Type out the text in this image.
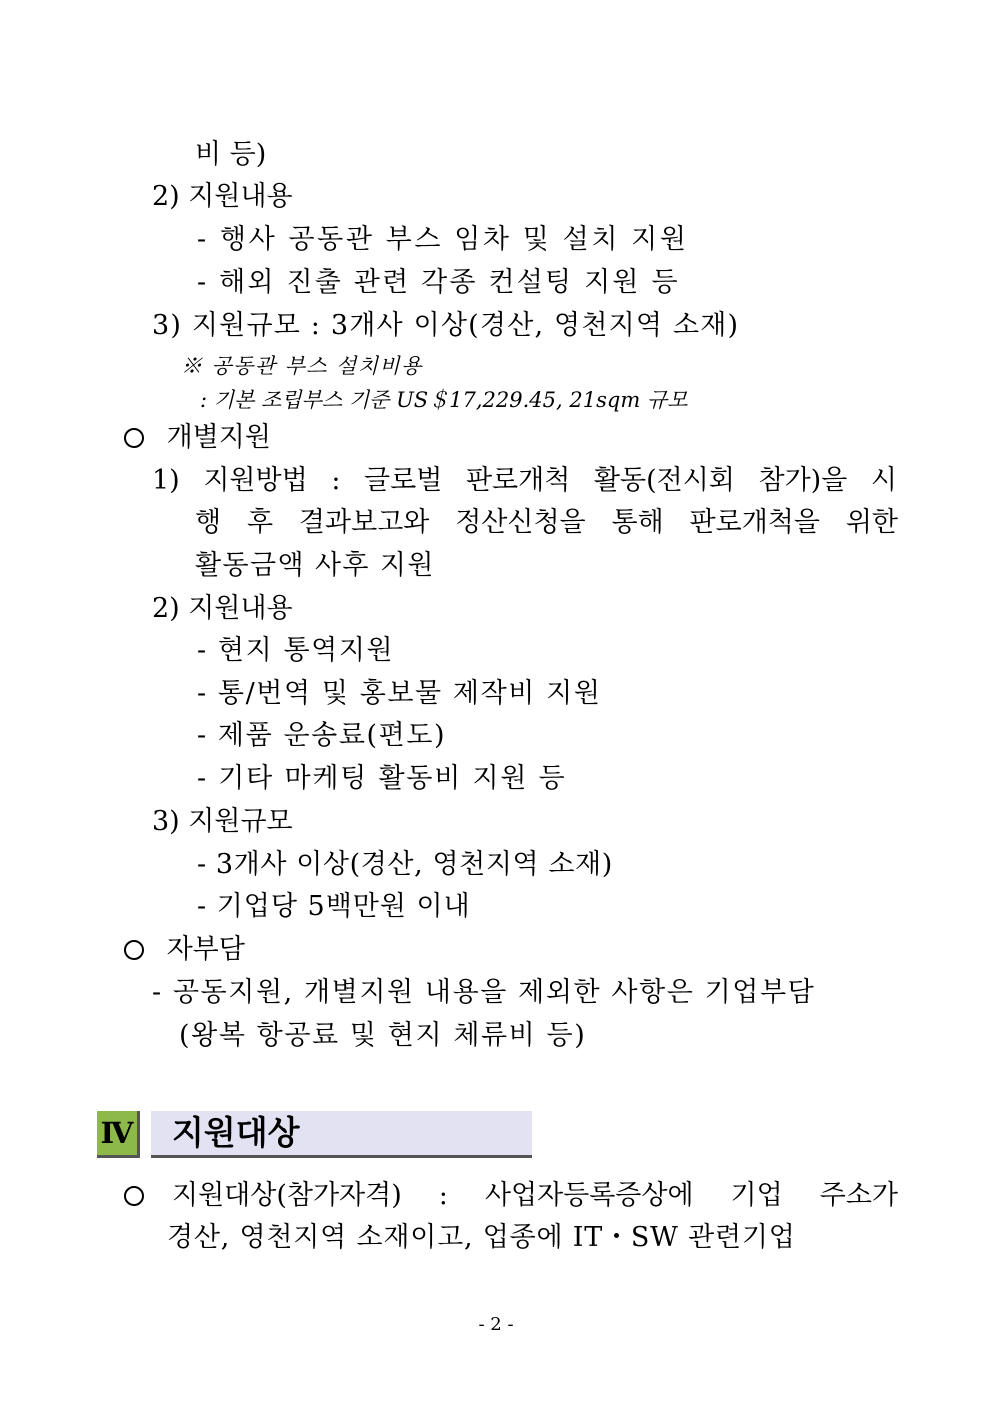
비 등)
2) 지원내용
- 행사 공동관 부스 임차 및 설치 지원
- 해외 진출 관련 각종 컨설팅 지원 등
3) 지원규모 : 3개사 이상(경산, 영천지역 소재)
※ 공동관 부스 설치비용
: 기본 조립부스 기준 US＄17,229.45, 21sqm 규모
개별지원
1) 지원방법 : 글로벌 판로개척 활동(전시회 참가)을 시
행 후 결과보고와 정산신청을 통해 판로개척을 위한
활동금액 사후 지원
2) 지원내용
- 현지 통역지원
- 통/번역 및 홍보물 제작비 지원
- 제품 운송료(편도)
- 기타 마케팅 활동비 지원 등
3) 지원규모
- 3개사 이상(경산, 영천지역 소재)
- 기업당 5백만원 이내
자부담
- 공동지원, 개별지원 내용을 제외한 사항은 기업부담
(왕복 항공료 및 현지 체류비 등)
Ⅳ 지원대상
지원대상(참가자격) : 사업자등록증상에 기업 주소가
경산, 영천지역 소재이고, 업종에 IT・SW 관련기업
- 2 -
